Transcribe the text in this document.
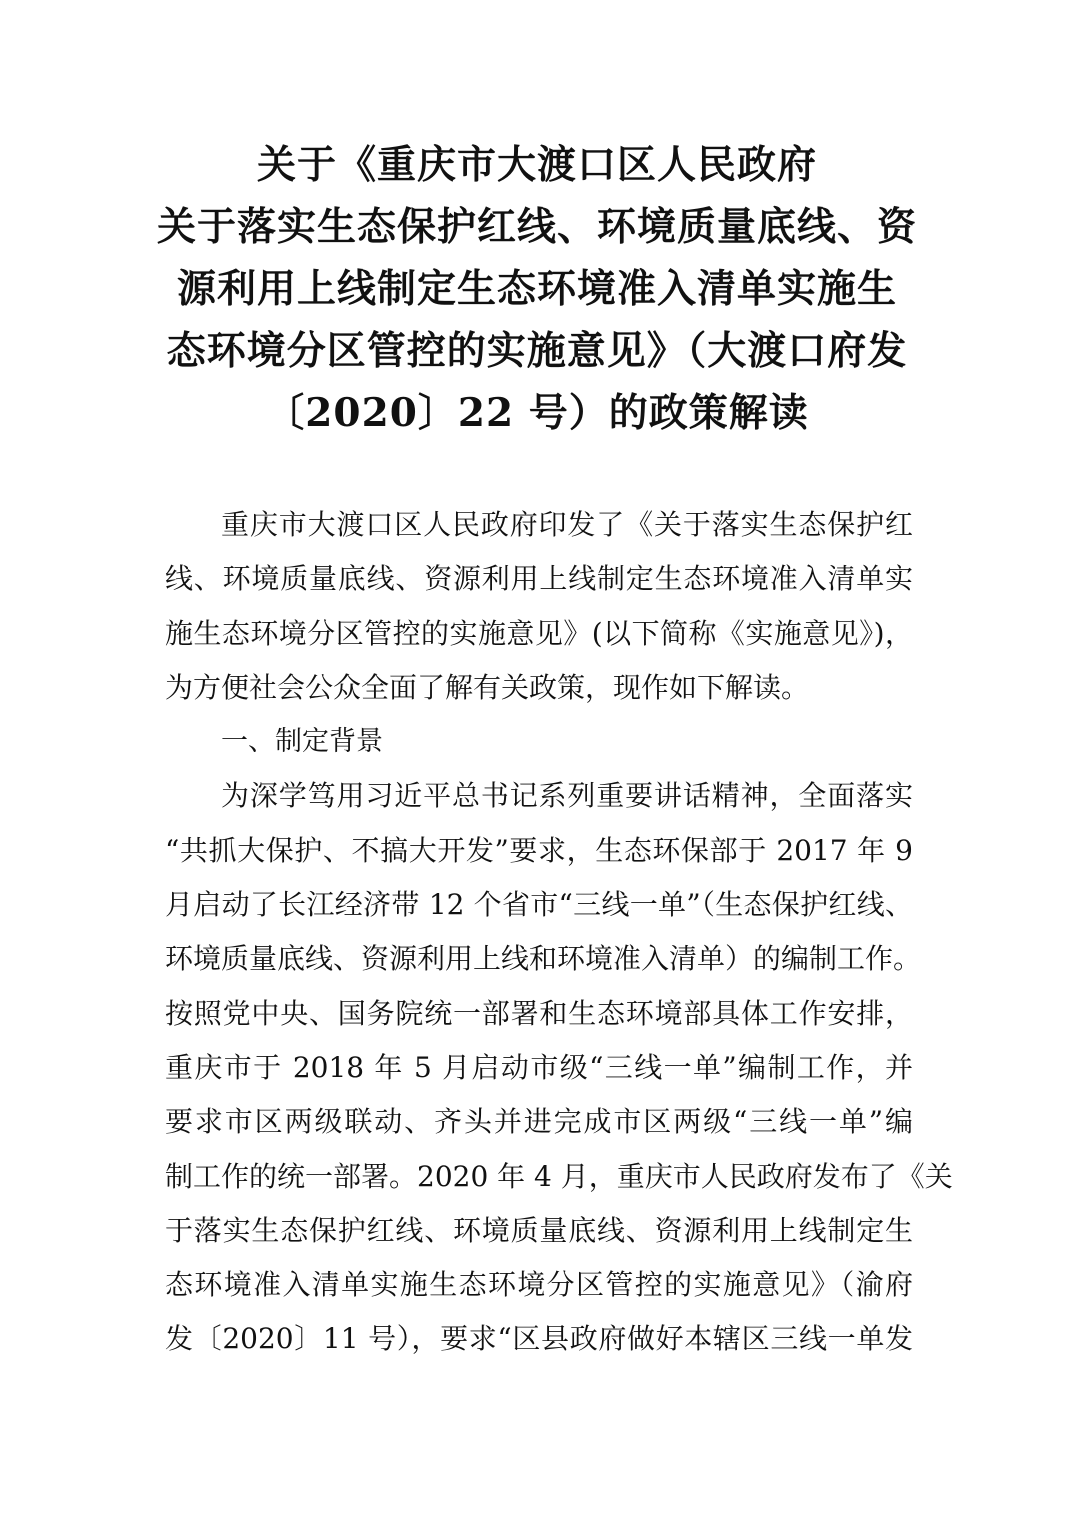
关于《重庆市大渡口区人民政府
关于落实生态保护红线、环境质量底线、资
源利用上线制定生态环境准入清单实施生
态环境分区管控的实施意见》（大渡口府发
〔2020〕22 号）的政策解读
重庆市大渡口区人民政府印发了《关于落实生态保护红
线、环境质量底线、资源利用上线制定生态环境准入清单实
施生态环境分区管控的实施意见》(以下简称《实施意见》)，
为方便社会公众全面了解有关政策，现作如下解读。
一、制定背景
为深学笃用习近平总书记系列重要讲话精神，全面落实
“共抓大保护、不搞大开发”要求，生态环保部于 2017 年 9
月启动了长江经济带 12 个省市“三线一单”（生态保护红线、
环境质量底线、资源利用上线和环境准入清单）的编制工作。
按照党中央、国务院统一部署和生态环境部具体工作安排，
重庆市于 2018 年 5 月启动市级“三线一单”编制工作，并
要求市区两级联动、齐头并进完成市区两级“三线一单”编
制工作的统一部署。2020 年 4 月，重庆市人民政府发布了《关
于落实生态保护红线、环境质量底线、资源利用上线制定生
态环境准入清单实施生态环境分区管控的实施意见》（渝府
发〔2020〕11 号），要求“区县政府做好本辖区三线一单发
